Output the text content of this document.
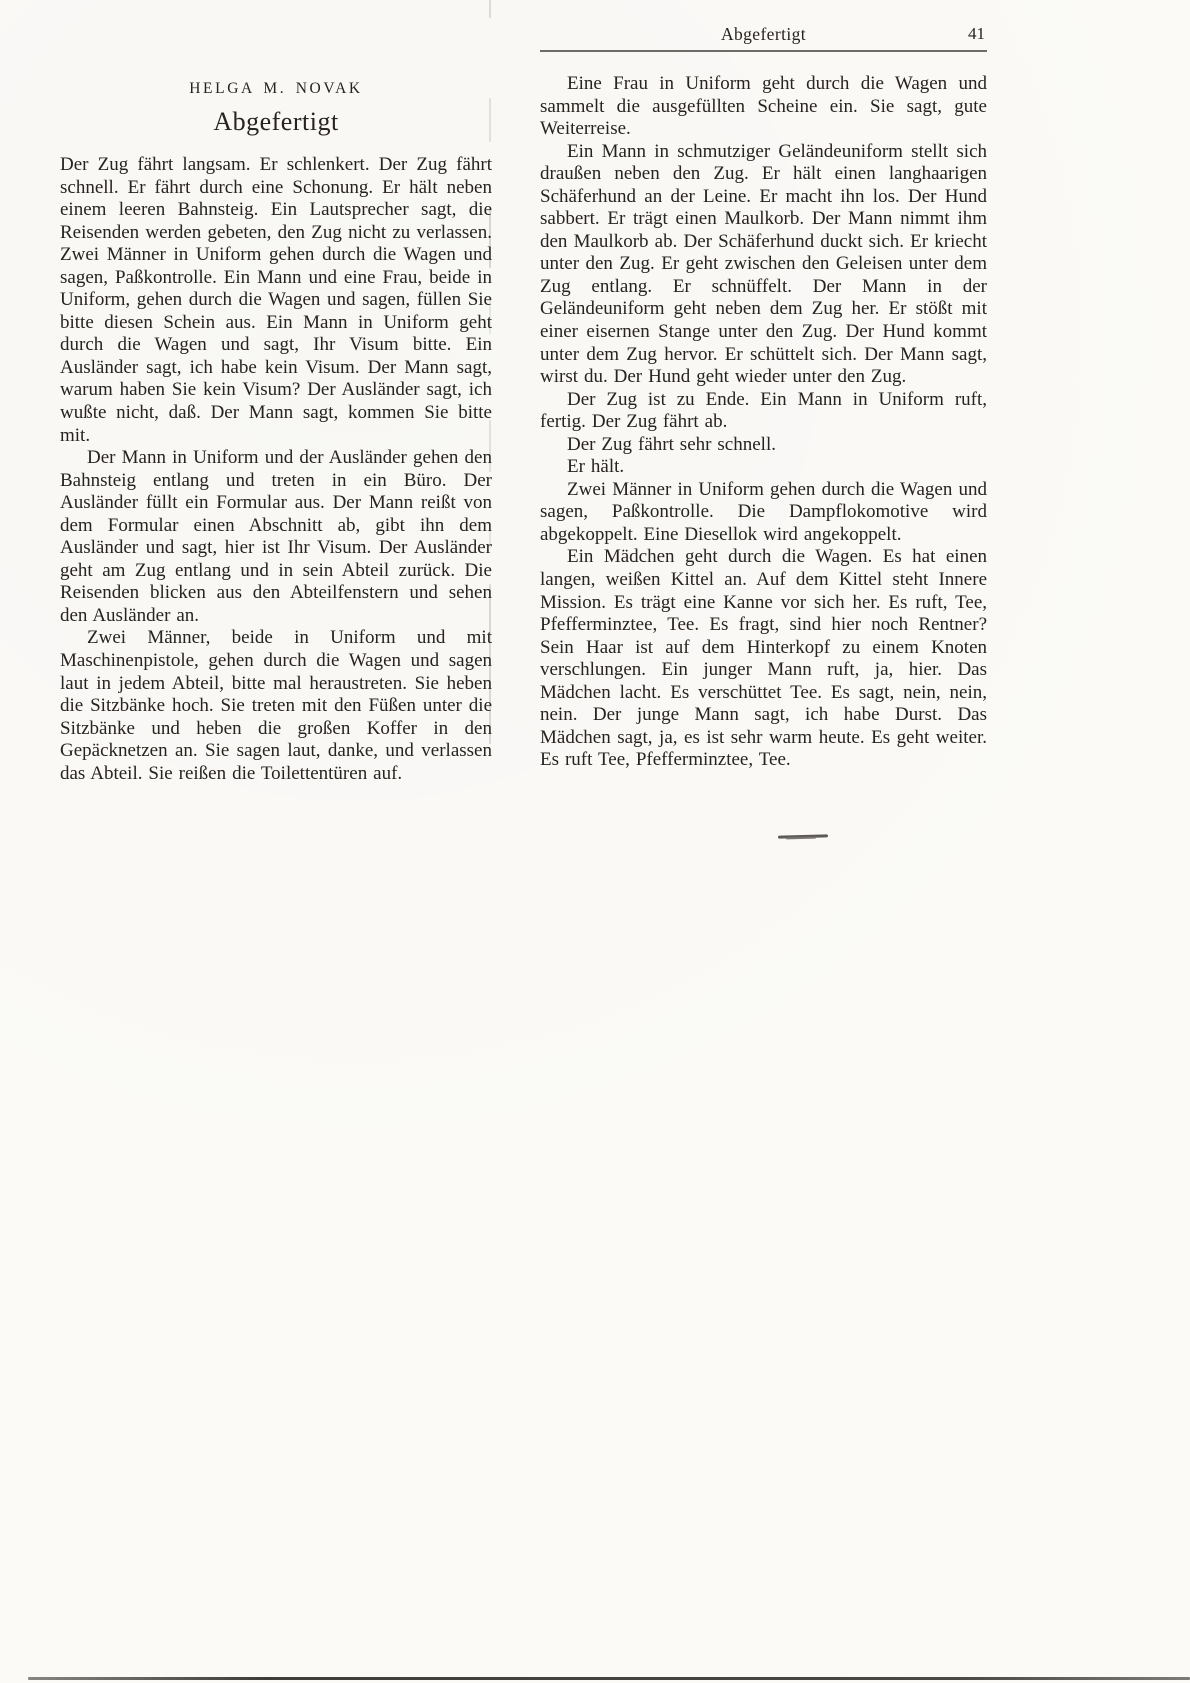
Abgefertigt	41
HELGA M. NOVAK
Abgefertigt

Der Zug fährt langsam. Er schlenkert. Der Zug fährt schnell. Er fährt durch eine Schonung. Er hält neben einem leeren Bahnsteig. Ein Lautsprecher sagt, die Reisenden werden gebeten, den Zug nicht zu verlassen. Zwei Männer in Uniform gehen durch die Wagen und sagen, Paßkontrolle. Ein Mann und eine Frau, beide in Uniform, gehen durch die Wagen und sagen, füllen Sie bitte diesen Schein aus. Ein Mann in Uniform geht durch die Wagen und sagt, Ihr Visum bitte. Ein Ausländer sagt, ich habe kein Visum. Der Mann sagt, warum haben Sie kein Visum? Der Ausländer sagt, ich wußte nicht, daß. Der Mann sagt, kommen Sie bitte mit.

Der Mann in Uniform und der Ausländer gehen den Bahnsteig entlang und treten in ein Büro. Der Ausländer füllt ein Formular aus. Der Mann reißt von dem Formular einen Abschnitt ab, gibt ihn dem Ausländer und sagt, hier ist Ihr Visum. Der Ausländer geht am Zug entlang und in sein Abteil zurück. Die Reisenden blicken aus den Abteilfenstern und sehen den Ausländer an.

Zwei Männer, beide in Uniform und mit Maschinenpistole, gehen durch die Wagen und sagen laut in jedem Abteil, bitte mal heraustreten. Sie heben die Sitzbänke hoch. Sie treten mit den Füßen unter die Sitzbänke und heben die großen Koffer in den Gepäcknetzen an. Sie sagen laut, danke, und verlassen das Abteil. Sie reißen die Toilettentüren auf.

Eine Frau in Uniform geht durch die Wagen und sammelt die ausgefüllten Scheine ein. Sie sagt, gute Weiterreise.

Ein Mann in schmutziger Geländeuniform stellt sich draußen neben den Zug. Er hält einen langhaarigen Schäferhund an der Leine. Er macht ihn los. Der Hund sabbert. Er trägt einen Maulkorb. Der Mann nimmt ihm den Maulkorb ab. Der Schäferhund duckt sich. Er kriecht unter den Zug. Er geht zwischen den Geleisen unter dem Zug entlang. Er schnüffelt. Der Mann in der Geländeuniform geht neben dem Zug her. Er stößt mit einer eisernen Stange unter den Zug. Der Hund kommt unter dem Zug hervor. Er schüttelt sich. Der Mann sagt, wirst du. Der Hund geht wieder unter den Zug.

Der Zug ist zu Ende. Ein Mann in Uniform ruft, fertig. Der Zug fährt ab.

Der Zug fährt sehr schnell.

Er hält.

Zwei Männer in Uniform gehen durch die Wagen und sagen, Paßkontrolle. Die Dampflokomotive wird abgekoppelt. Eine Diesellok wird angekoppelt.

Ein Mädchen geht durch die Wagen. Es hat einen langen, weißen Kittel an. Auf dem Kittel steht Innere Mission. Es trägt eine Kanne vor sich her. Es ruft, Tee, Pfefferminztee, Tee. Es fragt, sind hier noch Rentner? Sein Haar ist auf dem Hinterkopf zu einem Knoten verschlungen. Ein junger Mann ruft, ja, hier. Das Mädchen lacht. Es verschüttet Tee. Es sagt, nein, nein, nein. Der junge Mann sagt, ich habe Durst. Das Mädchen sagt, ja, es ist sehr warm heute. Es geht weiter. Es ruft Tee, Pfefferminztee, Tee.
